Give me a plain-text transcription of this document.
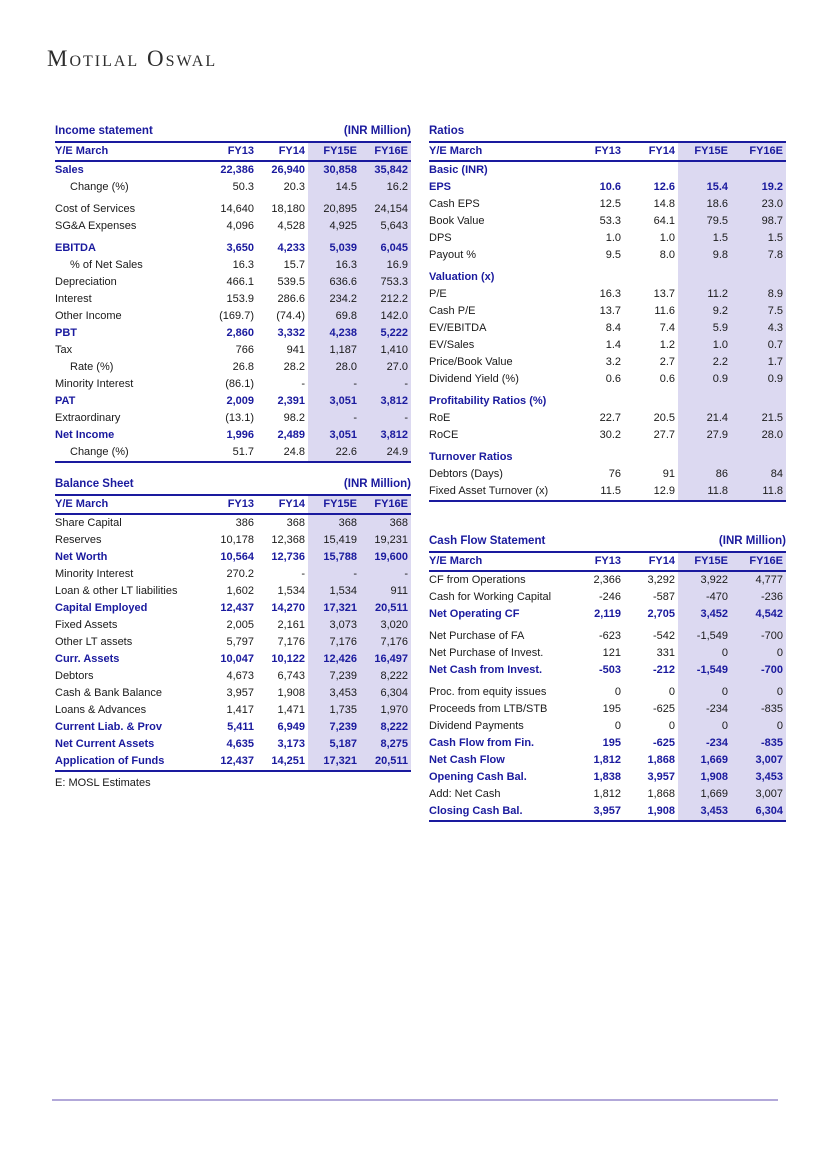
Motilal Oswal
Income statement	(INR Million)
Y/E March	FY13	FY14	FY15E	FY16E
Sales	22,386	26,940	30,858	35,842
Change (%)	50.3	20.3	14.5	16.2

Cost of Services	14,640	18,180	20,895	24,154
SG&A Expenses	4,096	4,528	4,925	5,643

EBITDA	3,650	4,233	5,039	6,045
% of Net Sales	16.3	15.7	16.3	16.9
Depreciation	466.1	539.5	636.6	753.3
Interest	153.9	286.6	234.2	212.2
Other Income	(169.7)	(74.4)	69.8	142.0
PBT	2,860	3,332	4,238	5,222
Tax	766	941	1,187	1,410
Rate (%)	26.8	28.2	28.0	27.0
Minority Interest	(86.1)	-	-	-
PAT	2,009	2,391	3,051	3,812
Extraordinary	(13.1)	98.2	-	-
Net Income	1,996	2,489	3,051	3,812
Change (%)	51.7	24.8	22.6	24.9
Ratios
Y/E March	FY13	FY14	FY15E	FY16E
Basic (INR)				
EPS	10.6	12.6	15.4	19.2
Cash EPS	12.5	14.8	18.6	23.0
Book Value	53.3	64.1	79.5	98.7
DPS	1.0	1.0	1.5	1.5
Payout %	9.5	8.0	9.8	7.8

Valuation (x)				
P/E	16.3	13.7	11.2	8.9
Cash P/E	13.7	11.6	9.2	7.5
EV/EBITDA	8.4	7.4	5.9	4.3
EV/Sales	1.4	1.2	1.0	0.7
Price/Book Value	3.2	2.7	2.2	1.7
Dividend Yield (%)	0.6	0.6	0.9	0.9

Profitability Ratios (%)				
RoE	22.7	20.5	21.4	21.5
RoCE	30.2	27.7	27.9	28.0

Turnover Ratios				
Debtors (Days)	76	91	86	84
Fixed Asset Turnover (x)	11.5	12.9	11.8	11.8
Balance Sheet	(INR Million)
Y/E March	FY13	FY14	FY15E	FY16E
Share Capital	386	368	368	368
Reserves	10,178	12,368	15,419	19,231
Net Worth	10,564	12,736	15,788	19,600
Minority Interest	270.2	-	-	-
Loan & other LT liabilities	1,602	1,534	1,534	911
Capital Employed	12,437	14,270	17,321	20,511
Fixed Assets	2,005	2,161	3,073	3,020
Other LT assets	5,797	7,176	7,176	7,176
Curr. Assets	10,047	10,122	12,426	16,497
Debtors	4,673	6,743	7,239	8,222
Cash & Bank Balance	3,957	1,908	3,453	6,304
Loans & Advances	1,417	1,471	1,735	1,970
Current Liab. & Prov	5,411	6,949	7,239	8,222
Net Current Assets	4,635	3,173	5,187	8,275
Application of Funds	12,437	14,251	17,321	20,511
E: MOSL Estimates
Cash Flow Statement	(INR Million)
Y/E March	FY13	FY14	FY15E	FY16E
CF from Operations	2,366	3,292	3,922	4,777
Cash for Working Capital	-246	-587	-470	-236
Net Operating CF	2,119	2,705	3,452	4,542

Net Purchase of FA	-623	-542	-1,549	-700
Net Purchase of Invest.	121	331	0	0
Net Cash from Invest.	-503	-212	-1,549	-700

Proc. from equity issues	0	0	0	0
Proceeds from LTB/STB	195	-625	-234	-835
Dividend Payments	0	0	0	0
Cash Flow from Fin.	195	-625	-234	-835
Net Cash Flow	1,812	1,868	1,669	3,007
Opening Cash Bal.	1,838	3,957	1,908	3,453
Add: Net Cash	1,812	1,868	1,669	3,007
Closing Cash Bal.	3,957	1,908	3,453	6,304
